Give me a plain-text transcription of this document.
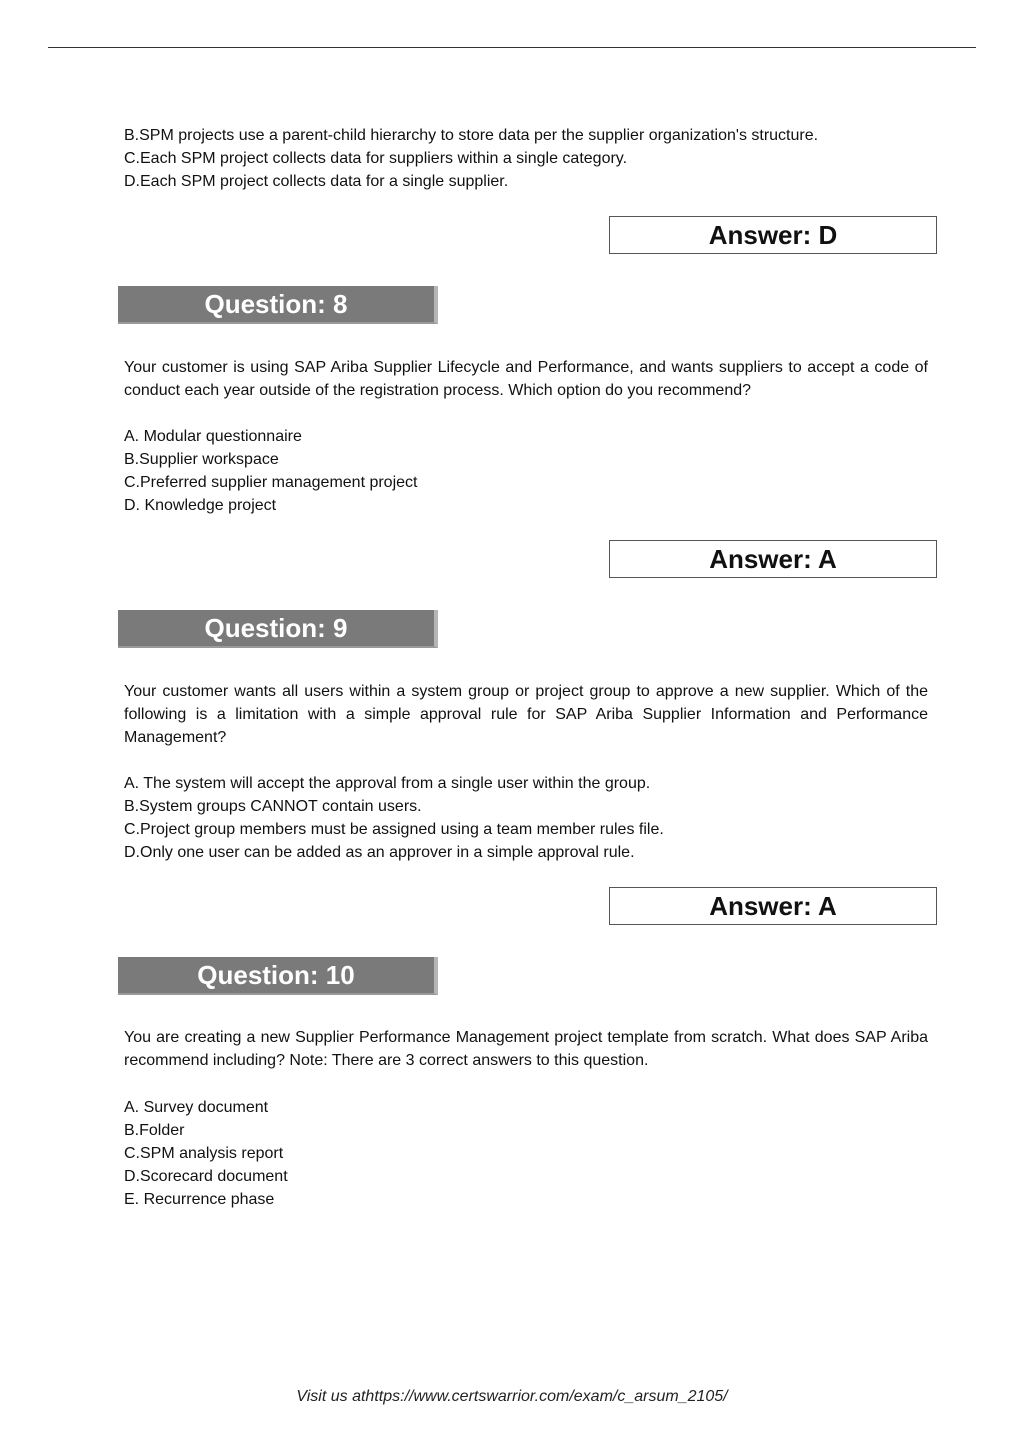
B.SPM projects use a parent-child hierarchy to store data per the supplier organization's structure.
C.Each SPM project collects data for suppliers within a single category.
D.Each SPM project collects data for a single supplier.
Answer: D
Question: 8
Your customer is using SAP Ariba Supplier Lifecycle and Performance, and wants suppliers to accept a code of conduct each year outside of the registration process. Which option do you recommend?
A. Modular questionnaire
B.Supplier workspace
C.Preferred supplier management project
D. Knowledge project
Answer: A
Question: 9
Your customer wants all users within a system group or project group to approve a new supplier. Which of the following is a limitation with a simple approval rule for SAP Ariba Supplier Information and Performance Management?
A. The system will accept the approval from a single user within the group.
B.System groups CANNOT contain users.
C.Project group members must be assigned using a team member rules file.
D.Only one user can be added as an approver in a simple approval rule.
Answer: A
Question: 10
You are creating a new Supplier Performance Management project template from scratch. What does SAP Ariba recommend including? Note: There are 3 correct answers to this question.
A. Survey document
B.Folder
C.SPM analysis report
D.Scorecard document
E. Recurrence phase
Visit us athttps://www.certswarrior.com/exam/c_arsum_2105/
